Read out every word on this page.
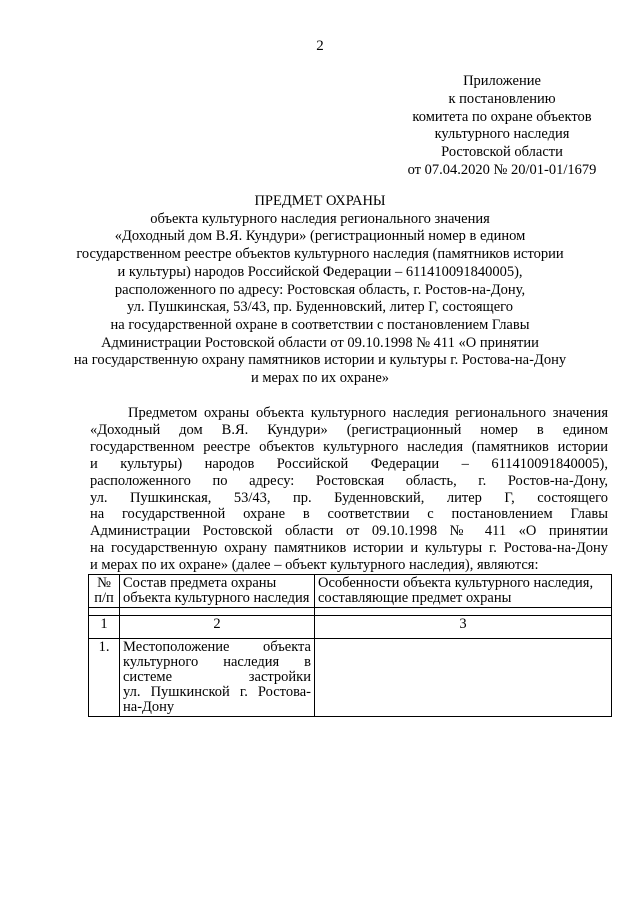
2
Приложение
к постановлению
комитета по охране объектов
культурного наследия
Ростовской области
от 07.04.2020 № 20/01-01/1679
ПРЕДМЕТ ОХРАНЫ
объекта культурного наследия регионального значения
«Доходный дом В.Я. Кундури» (регистрационный номер в едином
государственном реестре объектов культурного наследия (памятников истории
и культуры) народов Российской Федерации – 611410091840005),
расположенного по адресу: Ростовская область, г. Ростов-на-Дону,
ул. Пушкинская, 53/43, пр. Буденновский, литер Г, состоящего
на государственной охране в соответствии с постановлением Главы
Администрации Ростовской области от 09.10.1998 № 411 «О принятии
на государственную охрану памятников истории и культуры г. Ростова-на-Дону
и мерах по их охране»
Предметом охраны объекта культурного наследия регионального значения
«Доходный дом В.Я. Кундури» (регистрационный номер в едином
государственном реестре объектов культурного наследия (памятников истории
и культуры) народов Российской Федерации – 611410091840005),
расположенного по адресу: Ростовская область, г. Ростов-на-Дону,
ул. Пушкинская, 53/43, пр. Буденновский, литер Г, состоящего
на государственной охране в соответствии с постановлением Главы
Администрации Ростовской области от 09.10.1998 № 411 «О принятии
на государственную охрану памятников истории и культуры г. Ростова-на-Дону
и мерах по их охране» (далее – объект культурного наследия), являются:
№ п/п	Состав предмета охраны объекта культурного наследия	Особенности объекта культурного наследия, составляющие предмет охраны

1	2	3
1.	Местоположение объекта
культурного наследия в
системе застройки
ул. Пушкинской г. Ростова-
на-Дону	
